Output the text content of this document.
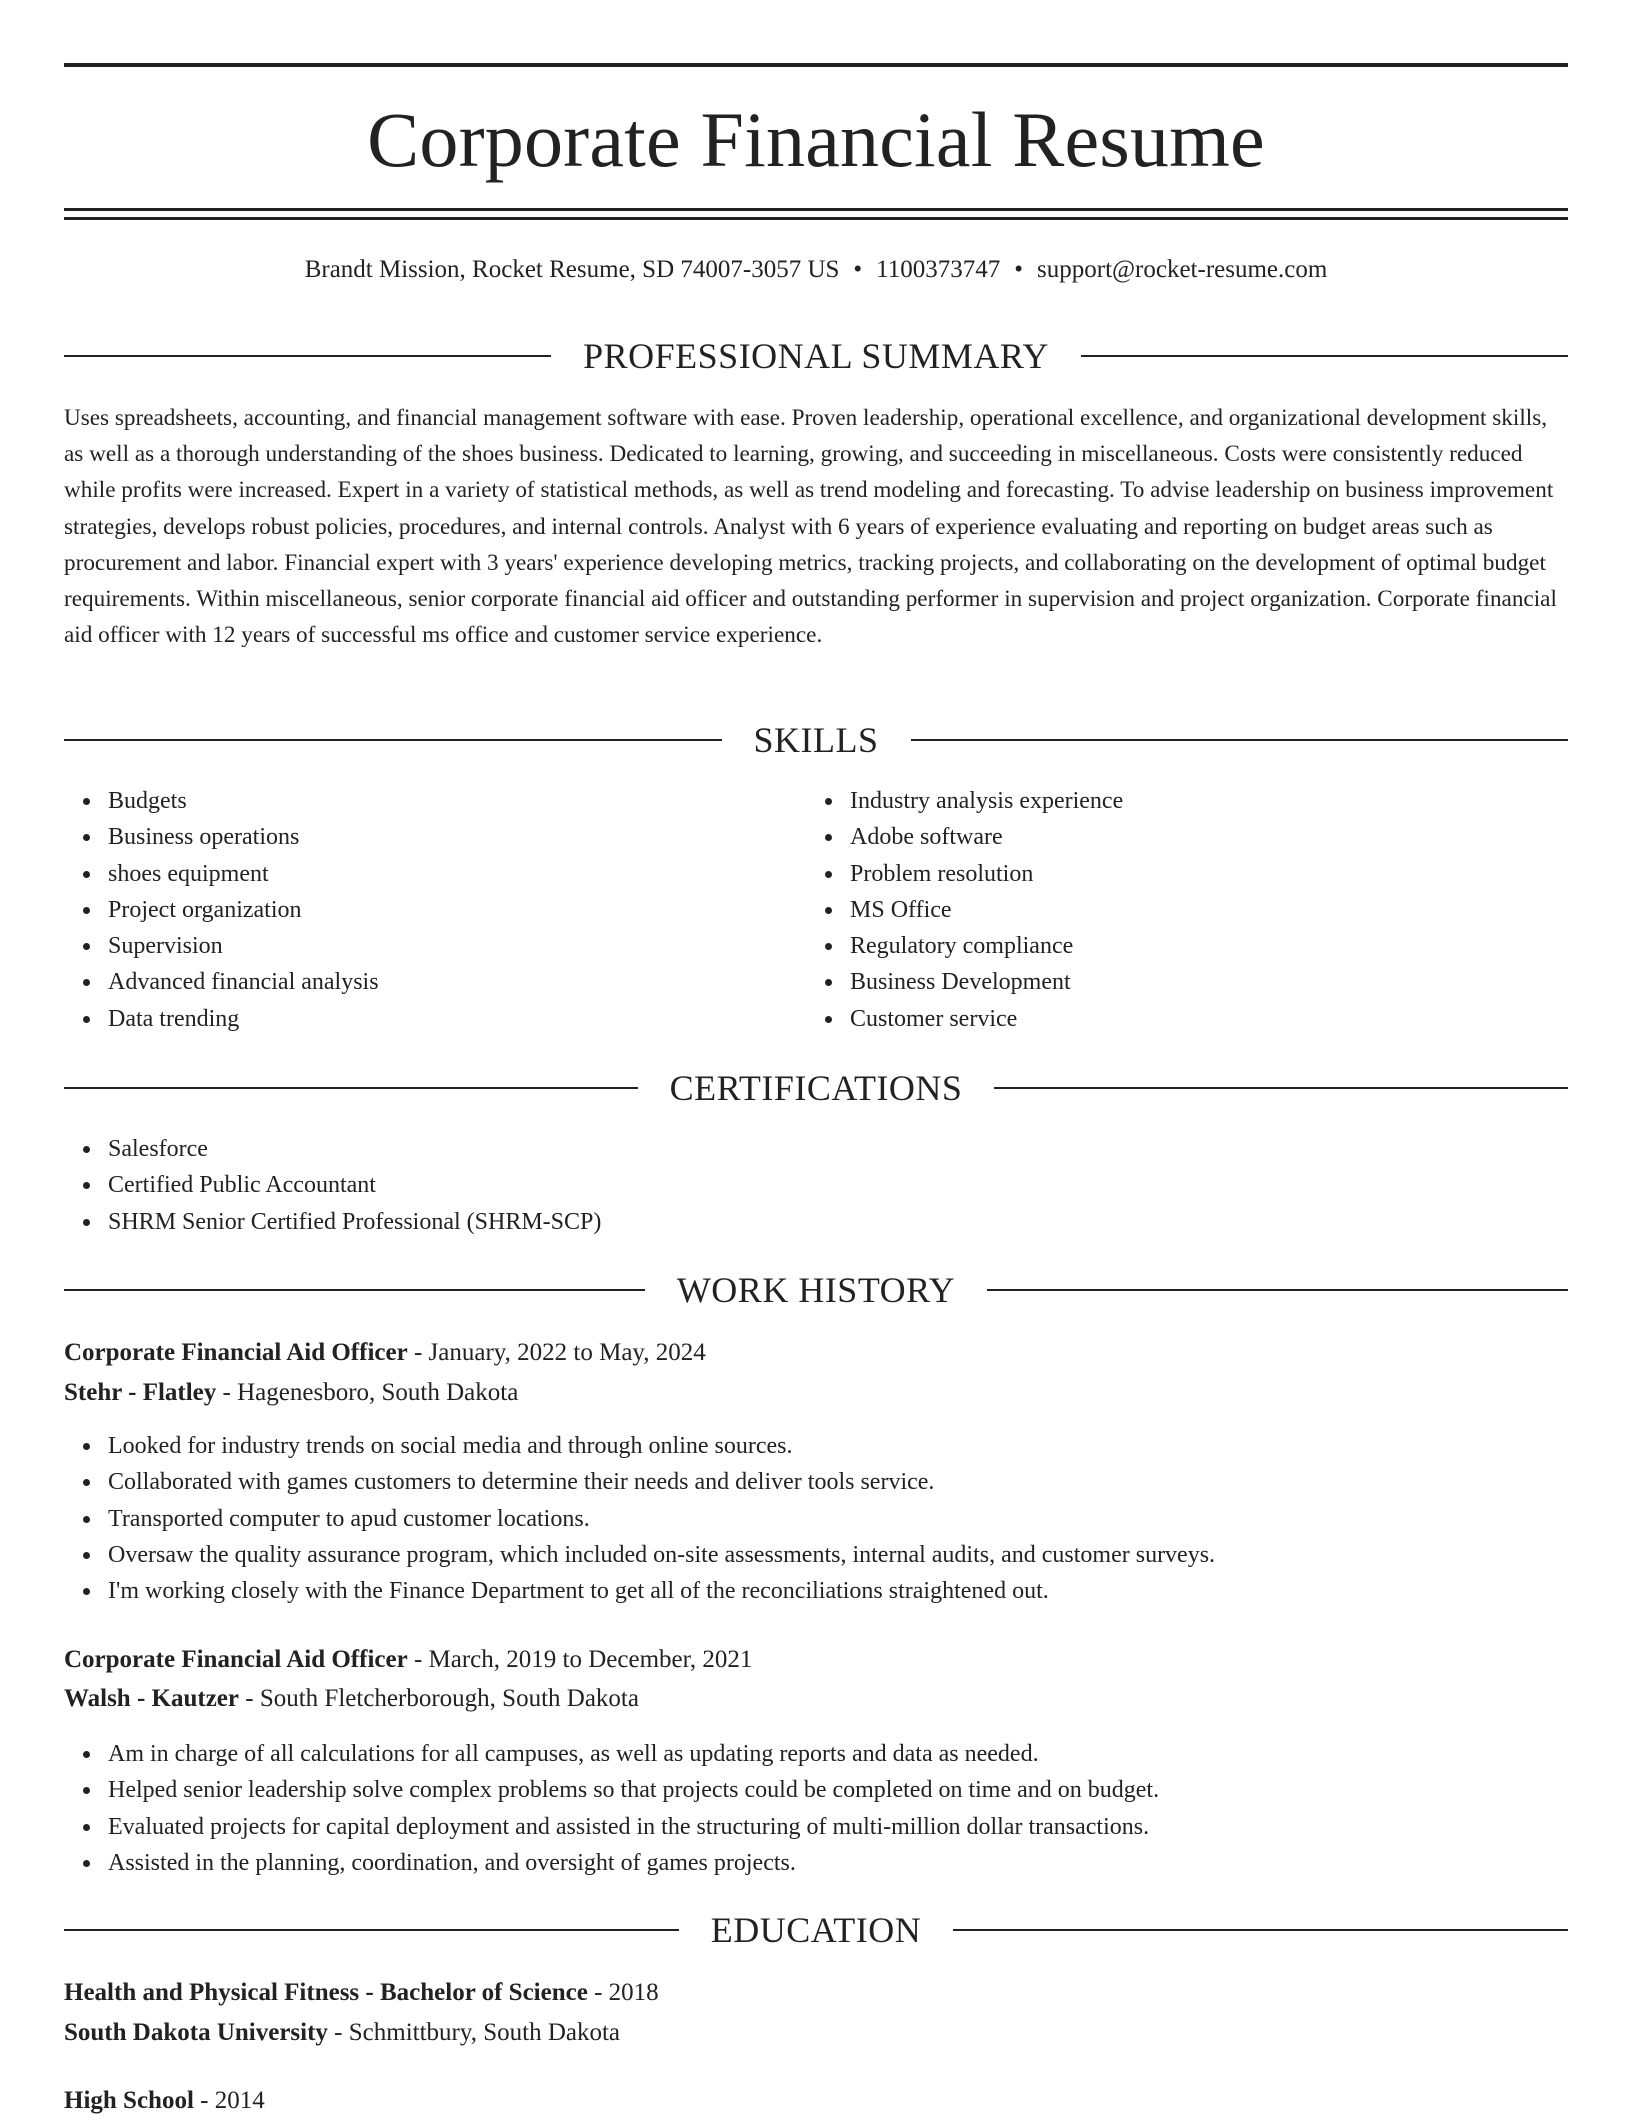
Corporate Financial Resume
Brandt Mission, Rocket Resume, SD 74007-3057 US • 1100373747 • support@rocket-resume.com
PROFESSIONAL SUMMARY

Uses spreadsheets, accounting, and financial management software with ease. Proven leadership, operational excellence, and organizational development skills, as well as a thorough understanding of the shoes business. Dedicated to learning, growing, and succeeding in miscellaneous. Costs were consistently reduced while profits were increased. Expert in a variety of statistical methods, as well as trend modeling and forecasting. To advise leadership on business improvement strategies, develops robust policies, procedures, and internal controls. Analyst with 6 years of experience evaluating and reporting on budget areas such as procurement and labor. Financial expert with 3 years' experience developing metrics, tracking projects, and collaborating on the development of optimal budget requirements. Within miscellaneous, senior corporate financial aid officer and outstanding performer in supervision and project organization. Corporate financial aid officer with 12 years of successful ms office and customer service experience.

SKILLS
Budgets
Business operations
shoes equipment
Project organization
Supervision
Advanced financial analysis
Data trending
Industry analysis experience
Adobe software
Problem resolution
MS Office
Regulatory compliance
Business Development
Customer service
CERTIFICATIONS
Salesforce
Certified Public Accountant
SHRM Senior Certified Professional (SHRM-SCP)
WORK HISTORY
Corporate Financial Aid Officer - January, 2022 to May, 2024
Stehr - Flatley - Hagenesboro, South Dakota
Looked for industry trends on social media and through online sources.
Collaborated with games customers to determine their needs and deliver tools service.
Transported computer to apud customer locations.
Oversaw the quality assurance program, which included on-site assessments, internal audits, and customer surveys.
I'm working closely with the Finance Department to get all of the reconciliations straightened out.
Corporate Financial Aid Officer - March, 2019 to December, 2021
Walsh - Kautzer - South Fletcherborough, South Dakota
Am in charge of all calculations for all campuses, as well as updating reports and data as needed.
Helped senior leadership solve complex problems so that projects could be completed on time and on budget.
Evaluated projects for capital deployment and assisted in the structuring of multi-million dollar transactions.
Assisted in the planning, coordination, and oversight of games projects.
EDUCATION
Health and Physical Fitness - Bachelor of Science - 2018
South Dakota University - Schmittbury, South Dakota
High School - 2014
